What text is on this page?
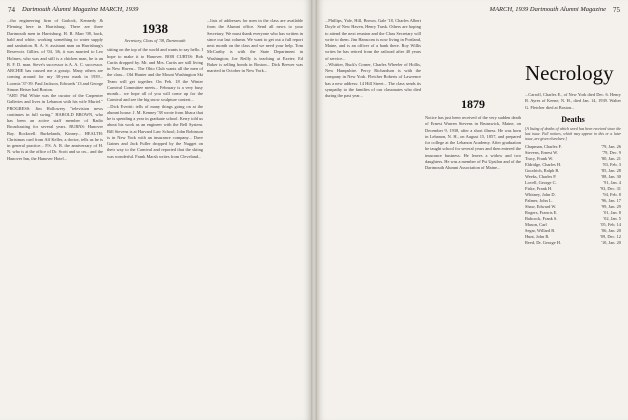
74 Dartmouth Alumni Magazine MARCH, 1939

...tho engineering firm of Garlock, Kennedy & Fleming here in Harrisburg. There are three Dartmouth men in Harrisburg. H. R. Marr '08, back, bald and white, working something to water supply and sanitation. R. A. S. assistant man on Harrisburg's Reservoir. Gillies. of '04, '46, it was married to Leo Holmes, who was and still is a chicken man, he is an R. F. D. man. Steve's successor is A. A. C. successor. ARCHIE has caused me a gossip. Many others are coming around for my 30-year mark in 1939... Loomis '37-39. Paul Jackson, Edwards '13 and George Simon Heiser had Boston.

"ART: Phil White was the curator of the Carpenter Galleries and lives in Lebanon with his wife Muriel." PROGRESS: Jim Hollowery "television news continues in full swing." HAROLD BROWN, who has been an active staff member of Radio Broadcasting for several years. BURNS: Hanover Bay. Rockwell. Burkelands, Kinney... HEALTH: Christmas card from Alf Keller, a doctor, tells us he is in general practice... P.S. A. R. the anniversary of H. N. who is at the office of Dr. Scott and so on... and the Hanover Inn, the Hanover Hotel...

1938
Secretary, Class of '38, Dartmouth

sitting on the top of the world and wants to say hello. I hope to make it to Hanover. BOB CURTIS: Bob Curtis dropped by. Mr. and Mrs. Curtis are still living in New Haven... The Ohio Club wants all the men of the class... Old Hunter and the Mount Washington Ski Team will get together. On Feb. 18 the Winter Carnival Committee meets... February is a very busy month... we hope all of you will come up for the Carnival and see the big snow sculpture contest...

...Dick Everitt: tells of many things going on at the alumni house. J. M. Kenney '38 wrote from Ithaca that he is spending a year in graduate school. Kerry told us about his work as an engineer with the Bell System. Bill Stevens is at Harvard Law School; John Robinson is in New York with an insurance company... Dave Gaines and Jack Fuller dropped by the Nugget on their way to the Carnival and reported that the skiing was wonderful. Frank Marsh writes from Cleveland...

...lists of addresses for men in the class are available from the Alumni office. Send all news to your Secretary. We must thank everyone who has written in since our last column. We want to get out a full report next month on the class and we need your help. Tom McCarthy is with the State Department in Washington; Joe Reilly is teaching at Exeter; Ed Baker is selling bonds in Boston... Dick Brewer was married in October in New York...

MARCH, 1939 Dartmouth Alumni Magazine 75

...Phillips, Yale, Hill, Brown, Gale '18, Charles Albert Doyle of New Haven, Henry Trask. Others are hoping to attend the next reunion and the Class Secretary will write to them. Jim Hanscom is now living in Portland, Maine, and is an officer of a bank there. Roy Willis writes he has retired from the railroad after 40 years of service...

...Whittier, Buck's Corner, Charles Wheeler of Hollis, New Hampshire. Percy Richardson is with the company in New York. Fletcher Roberts of Lawrence has a new address: 14 Hill Street... The class sends its sympathy to the families of our classmates who died during the past year...

1879

Notice has just been received of the very sudden death of Ernest Warren Stevens in Brunswick, Maine, on December 9, 1938, after a short illness. He was born in Lebanon, N. H., on August 15, 1857, and prepared for college at the Lebanon Academy. After graduation he taught school for several years and then entered the insurance business. He leaves a widow and two daughters. He was a member of Psi Upsilon and of the Dartmouth Alumni Association of Maine...

Necrology

...Carroll, Charles E., of New York died Dec. 6. Henry B. Ayres of Keene, N. H., died Jan. 14, 1939. Walter G. Fletcher died at Boston...

Deaths
[A listing of deaths of which word has been received since the last issue. Full notices, which may appear in this or a later issue, are given elsewhere.]
Chapman, Charles F.	'79, Jan. 26
Stevens, Ernest W.	'79, Dec. 9
Tracy, Frank W.	'80, Jan. 21
Eldridge, Charles H.	'83, Feb. 3
Goodrich, Ralph B.	'85, Jan. 28
Weeks, Charles P.	'88, Jan. 30
Lovell, George C.	'91, Jan. 4
Fiske, Frank H.	'93, Dec. 31
Whitney, John D.	'94, Feb. 8
Palmer, John L.	'96, Jan. 17
Shaw, Edward W.	'99, Jan. 29
Rogers, Francis E.	'01, Jan. 8
Babcock, Frank S.	'02, Jan. 5
Mason, Carl	'05, Feb. 14
Segar, Willard B.	'06, Jan. 20
Hunt, John R.	'09, Dec. 12
Reed, Dr. George H.	'10, Jan. 20
